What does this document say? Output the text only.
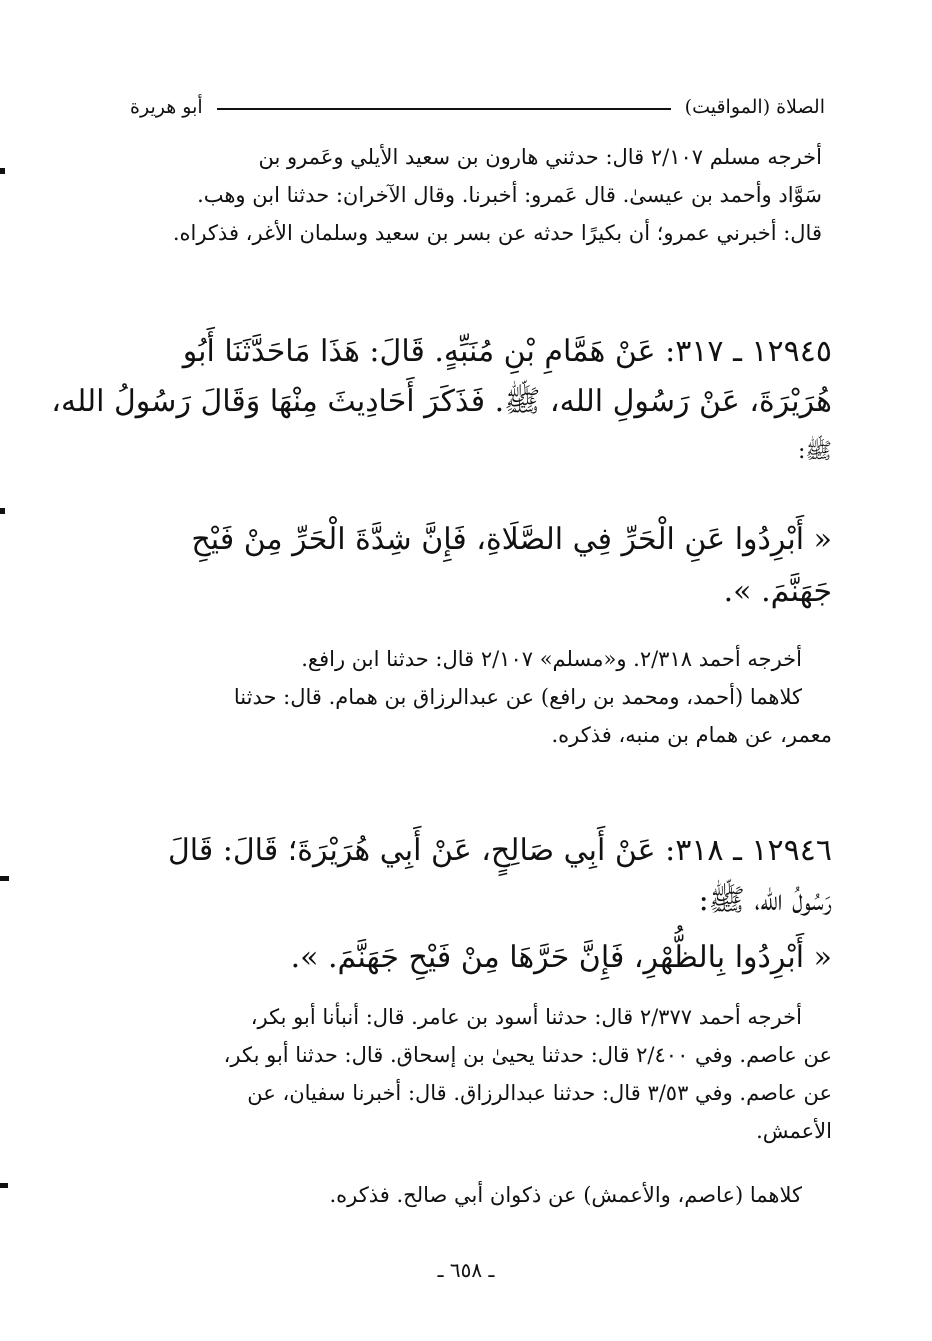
الصلاة (المواقيت)
أبو هريرة
أخرجه مسلم ٢/١٠٧ قال: حدثني هارون بن سعيد الأيلي وعَمرو بن
سَوَّاد وأحمد بن عيسىٰ. قال عَمرو: أخبرنا. وقال الآخران: حدثنا ابن وهب.
قال: أخبرني عمرو؛ أن بكيرًا حدثه عن بسر بن سعيد وسلمان الأغر، فذكراه.
١٢٩٤٥ ـ ٣١٧: عَنْ هَمَّامِ بْنِ مُنَبِّهٍ. قَالَ: هَذَا مَاحَدَّثَنَا أَبُو
هُرَيْرَةَ، عَنْ رَسُولِ الله، ﷺ. فَذَكَرَ أَحَادِيثَ مِنْهَا وَقَالَ رَسُولُ الله،
ﷺ:
« أَبْرِدُوا عَنِ الْحَرِّ فِي الصَّلَاةِ، فَإِنَّ شِدَّةَ الْحَرِّ مِنْ فَيْحِ
جَهَنَّمَ. ».
أخرجه أحمد ٢/٣١٨. و«مسلم» ٢/١٠٧ قال: حدثنا ابن رافع.
كلاهما (أحمد، ومحمد بن رافع) عن عبدالرزاق بن همام. قال: حدثنا
معمر، عن همام بن منبه، فذكره.
١٢٩٤٦ ـ ٣١٨: عَنْ أَبِي صَالِحٍ، عَنْ أَبِي هُرَيْرَةَ؛ قَالَ: قَالَ
رَسُولُ الله، ﷺ:
« أَبْرِدُوا بِالظُّهْرِ، فَإِنَّ حَرَّهَا مِنْ فَيْحِ جَهَنَّمَ. ».
أخرجه أحمد ٢/٣٧٧ قال: حدثنا أسود بن عامر. قال: أنبأنا أبو بكر،
عن عاصم. وفي ٢/٤٠٠ قال: حدثنا يحيىٰ بن إسحاق. قال: حدثنا أبو بكر،
عن عاصم. وفي ٣/٥٣ قال: حدثنا عبدالرزاق. قال: أخبرنا سفيان، عن
الأعمش.
كلاهما (عاصم، والأعمش) عن ذكوان أبي صالح. فذكره.
ـ ٦٥٨ ـ
